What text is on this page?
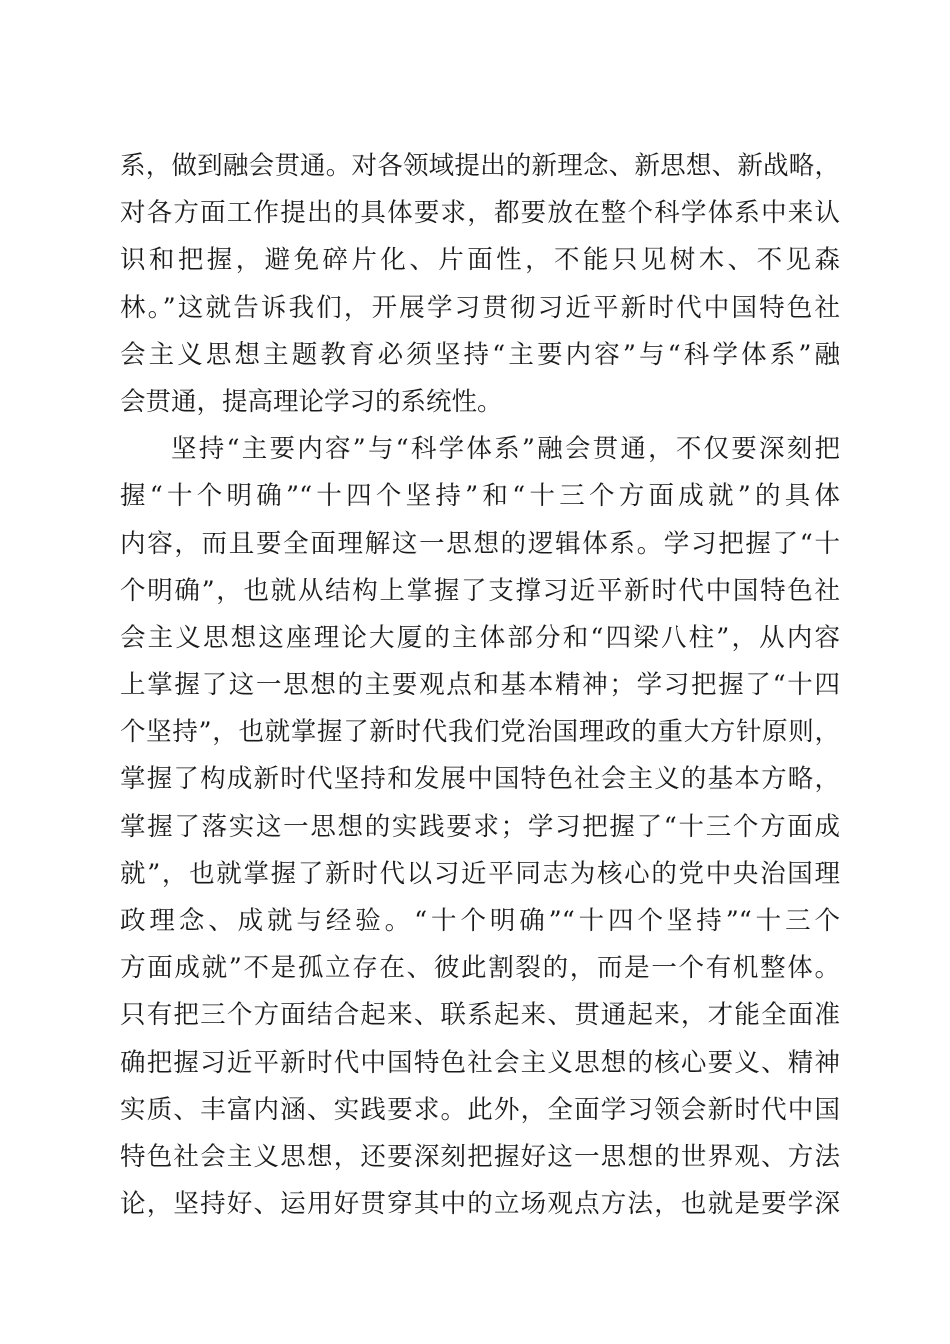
系，做到融会贯通。对各领域提出的新理念、新思想、新战略，
对各方面工作提出的具体要求，都要放在整个科学体系中来认
识和把握，避免碎片化、片面性，不能只见树木、不见森
林。”这就告诉我们，开展学习贯彻习近平新时代中国特色社
会主义思想主题教育必须坚持“主要内容”与“科学体系”融
会贯通，提高理论学习的系统性。
坚持“主要内容”与“科学体系”融会贯通，不仅要深刻把
握“十个明确”“十四个坚持”和“十三个方面成就”的具体
内容，而且要全面理解这一思想的逻辑体系。学习把握了“十
个明确”，也就从结构上掌握了支撑习近平新时代中国特色社
会主义思想这座理论大厦的主体部分和“四梁八柱”，从内容
上掌握了这一思想的主要观点和基本精神；学习把握了“十四
个坚持”，也就掌握了新时代我们党治国理政的重大方针原则，
掌握了构成新时代坚持和发展中国特色社会主义的基本方略，
掌握了落实这一思想的实践要求；学习把握了“十三个方面成
就”，也就掌握了新时代以习近平同志为核心的党中央治国理
政理念、成就与经验。“十个明确”“十四个坚持”“十三个
方面成就”不是孤立存在、彼此割裂的，而是一个有机整体。
只有把三个方面结合起来、联系起来、贯通起来，才能全面准
确把握习近平新时代中国特色社会主义思想的核心要义、精神
实质、丰富内涵、实践要求。此外，全面学习领会新时代中国
特色社会主义思想，还要深刻把握好这一思想的世界观、方法
论，坚持好、运用好贯穿其中的立场观点方法，也就是要学深
